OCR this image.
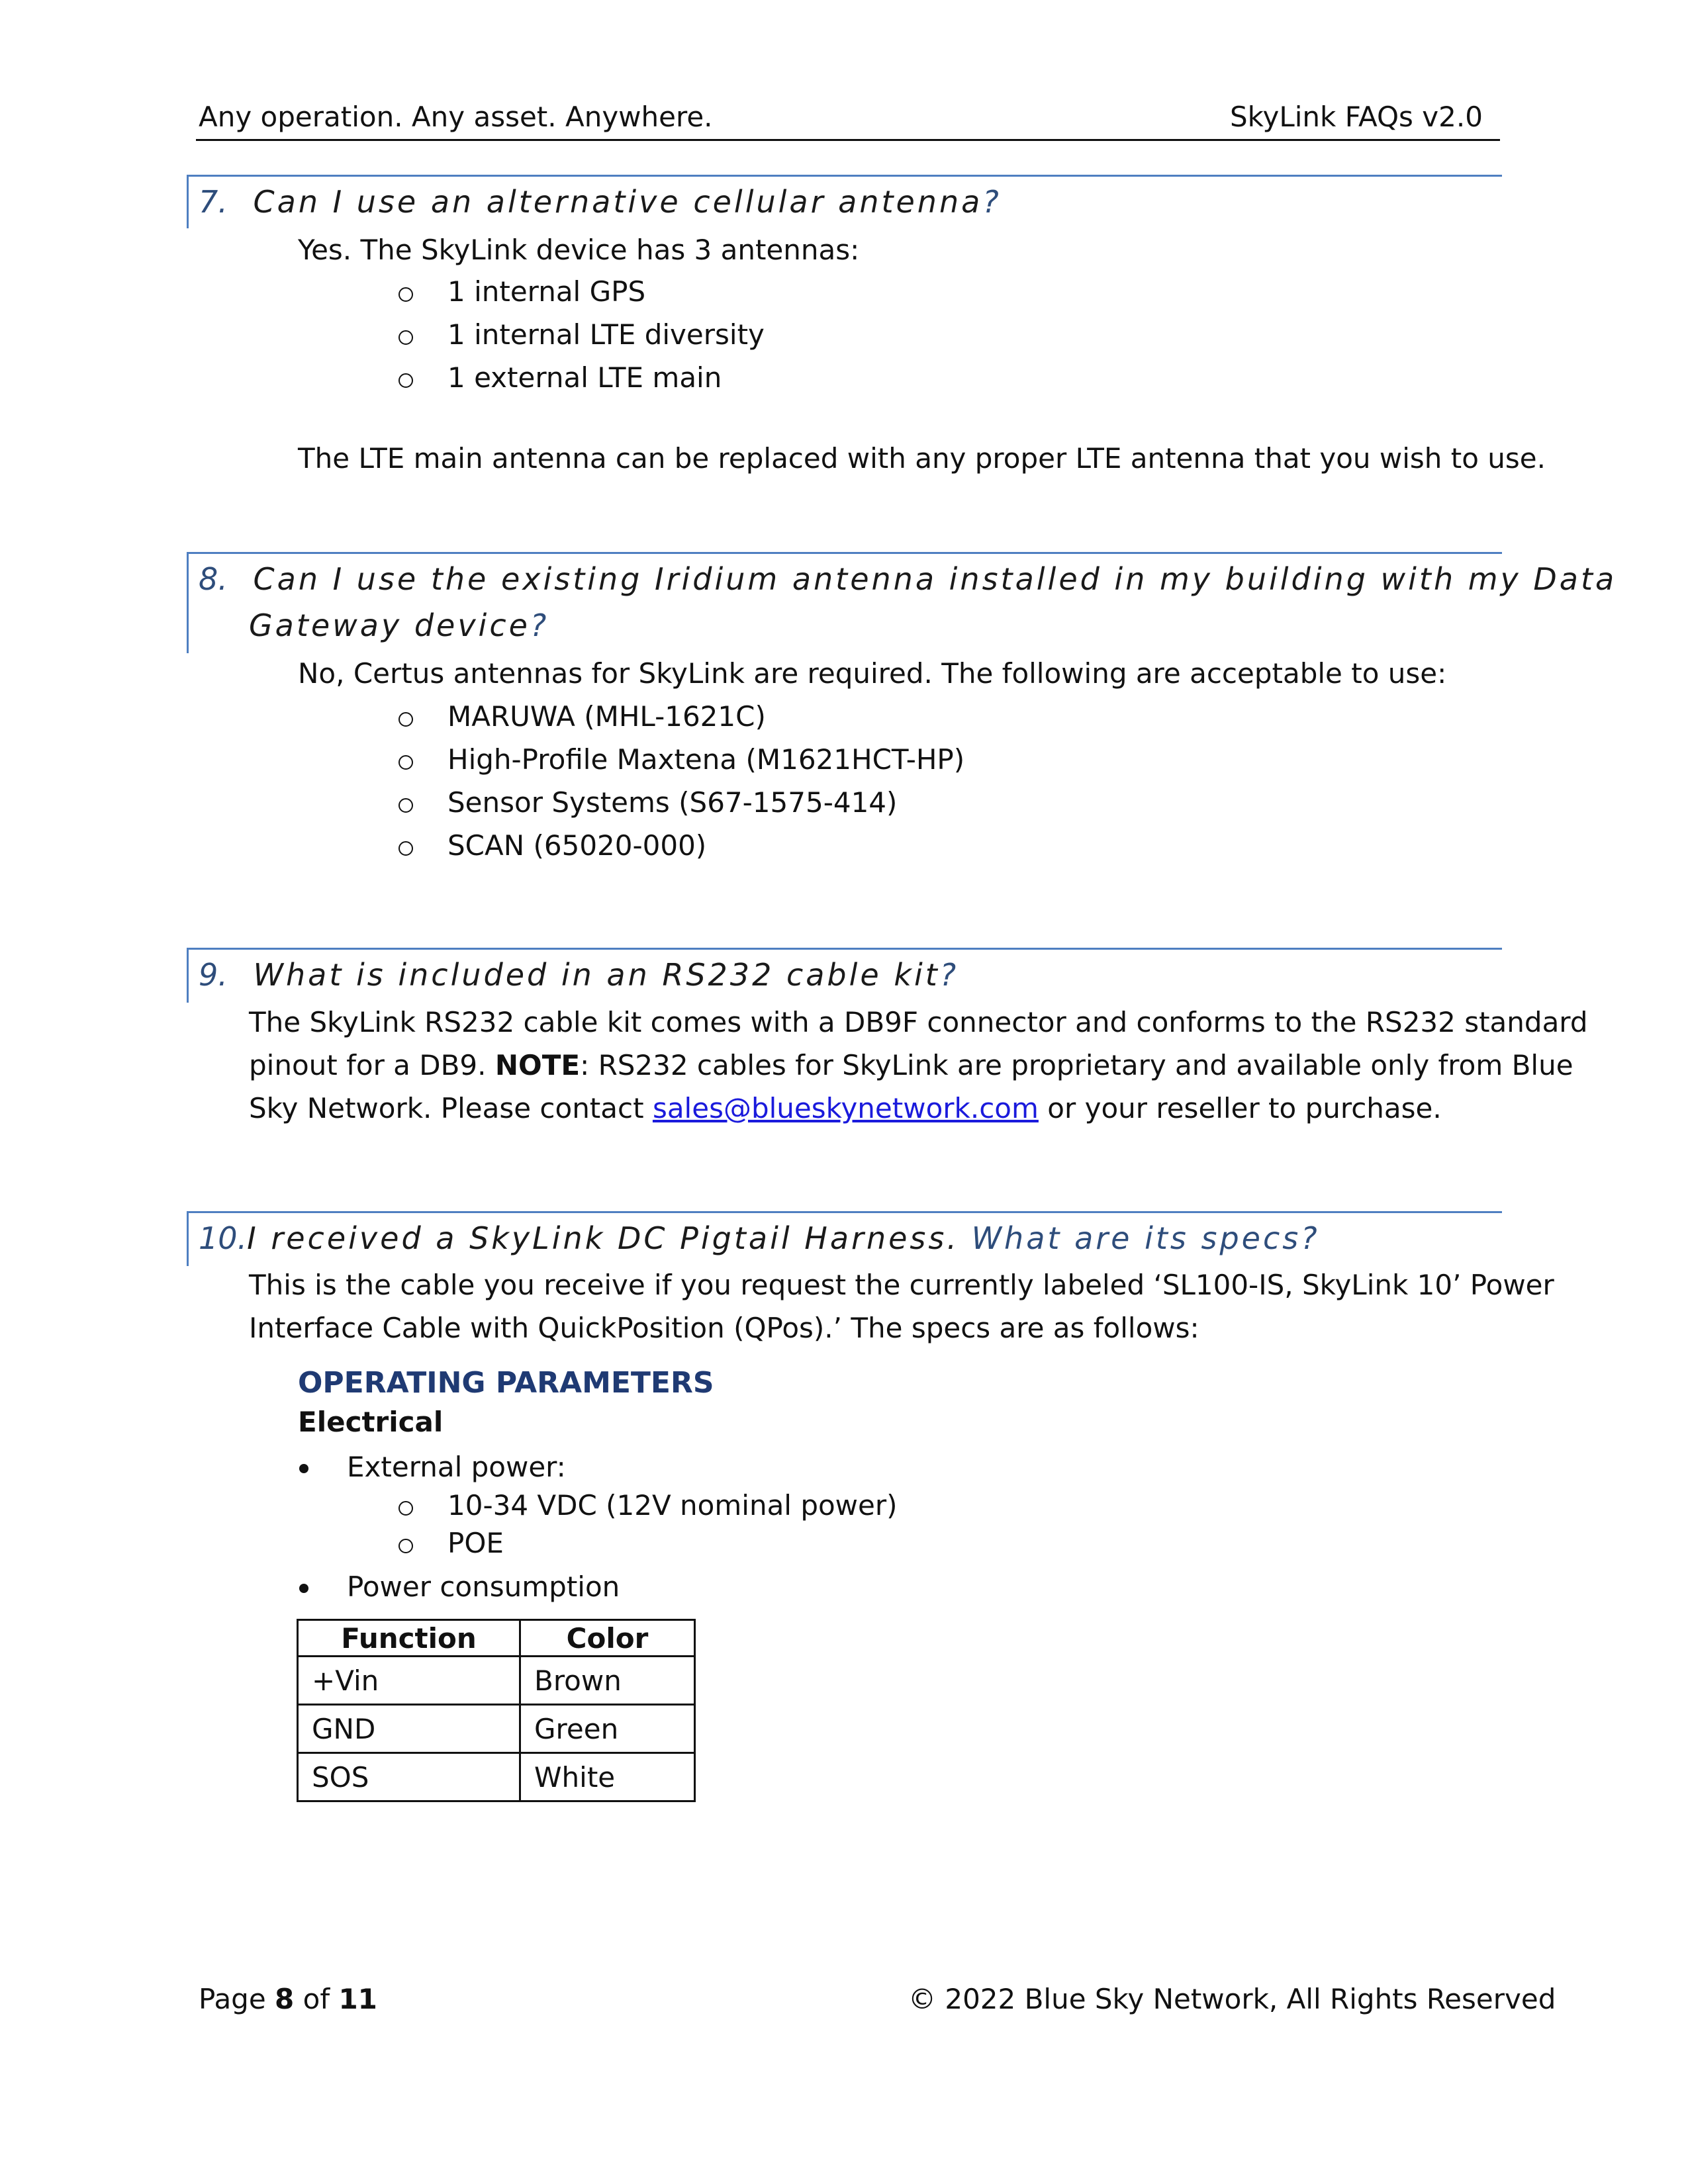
Any operation. Any asset. Anywhere.	SkyLink FAQs v2.0
7. Can I use an alternative cellular antenna?
Yes. The SkyLink device has 3 antennas:
1 internal GPS
1 internal LTE diversity
1 external LTE main
The LTE main antenna can be replaced with any proper LTE antenna that you wish to use.
8. Can I use the existing Iridium antenna installed in my building with my Data
Gateway device?
No, Certus antennas for SkyLink are required. The following are acceptable to use:
MARUWA (MHL-1621C)
High-Profile Maxtena (M1621HCT-HP)
Sensor Systems (S67-1575-414)
SCAN (65020-000)
9. What is included in an RS232 cable kit?
The SkyLink RS232 cable kit comes with a DB9F connector and conforms to the RS232 standard
pinout for a DB9. NOTE: RS232 cables for SkyLink are proprietary and available only from Blue
Sky Network. Please contact sales@blueskynetwork.com or your reseller to purchase.
10.I received a SkyLink DC Pigtail Harness. What are its specs?
This is the cable you receive if you request the currently labeled ‘SL100-IS, SkyLink 10’ Power
Interface Cable with QuickPosition (QPos).’ The specs are as follows:
OPERATING PARAMETERS
Electrical
External power:
10-34 VDC (12V nominal power)
POE
Power consumption
Function	Color
+Vin	Brown
GND	Green
SOS	White
Page 8 of 11	© 2022 Blue Sky Network, All Rights Reserved
